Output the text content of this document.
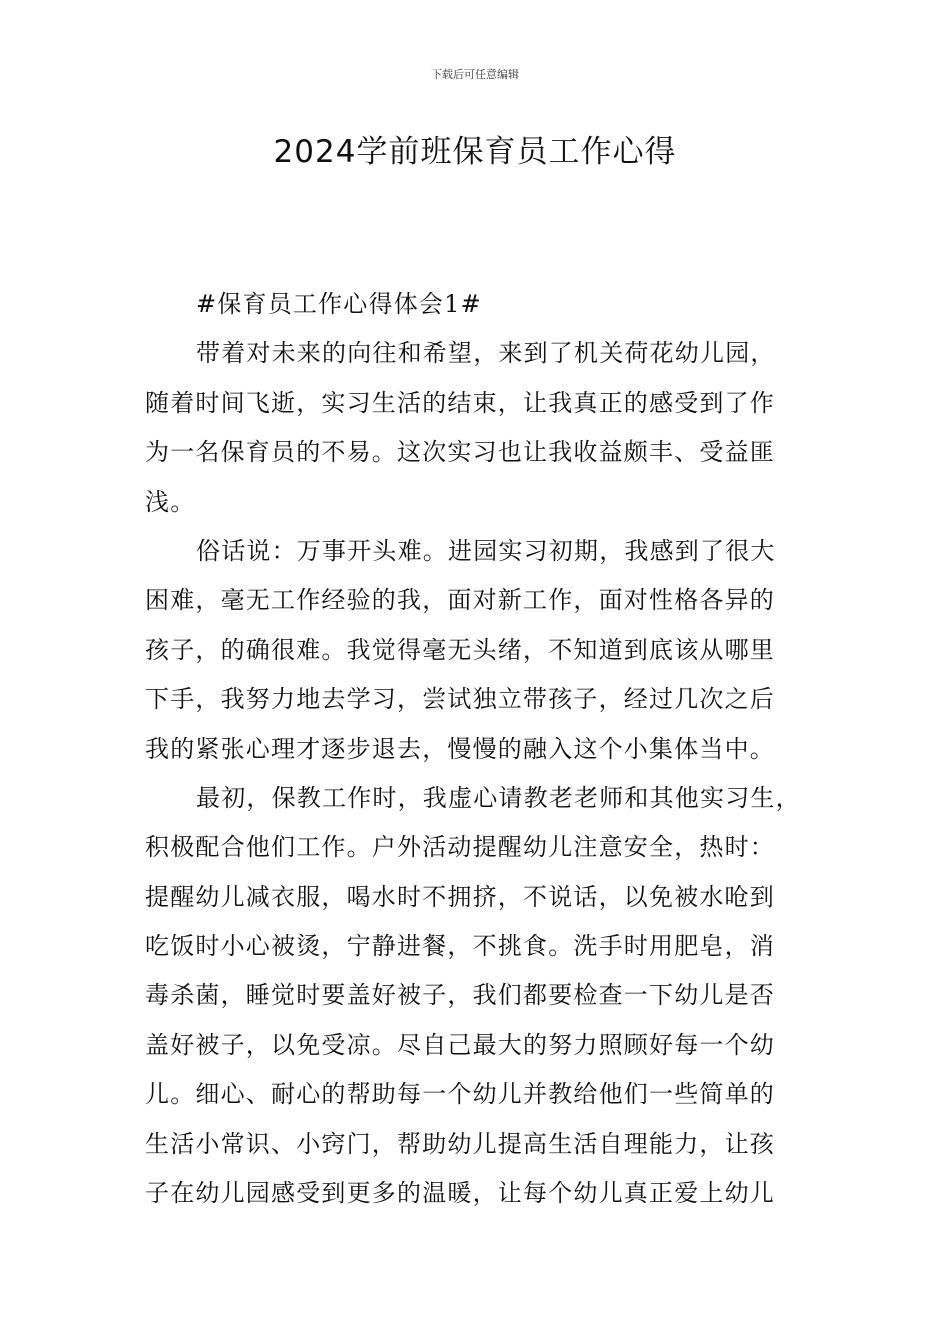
下载后可任意编辑
2024学前班保育员工作心得
#保育员工作心得体会1#
带着对未来的向往和希望，来到了机关荷花幼儿园，
随着时间飞逝，实习生活的结束，让我真正的感受到了作
为一名保育员的不易。这次实习也让我收益颇丰、受益匪
浅。
俗话说：万事开头难。进园实习初期，我感到了很大
困难，毫无工作经验的我，面对新工作，面对性格各异的
孩子，的确很难。我觉得毫无头绪，不知道到底该从哪里
下手，我努力地去学习，尝试独立带孩子，经过几次之后
我的紧张心理才逐步退去，慢慢的融入这个小集体当中。
最初，保教工作时，我虚心请教老老师和其他实习生，
积极配合他们工作。户外活动提醒幼儿注意安全，热时：
提醒幼儿减衣服，喝水时不拥挤，不说话，以免被水呛到
吃饭时小心被烫，宁静进餐，不挑食。洗手时用肥皂，消
毒杀菌，睡觉时要盖好被子，我们都要检查一下幼儿是否
盖好被子，以免受凉。尽自己最大的努力照顾好每一个幼
儿。细心、耐心的帮助每一个幼儿并教给他们一些简单的
生活小常识、小窍门，帮助幼儿提高生活自理能力，让孩
子在幼儿园感受到更多的温暖，让每个幼儿真正爱上幼儿
